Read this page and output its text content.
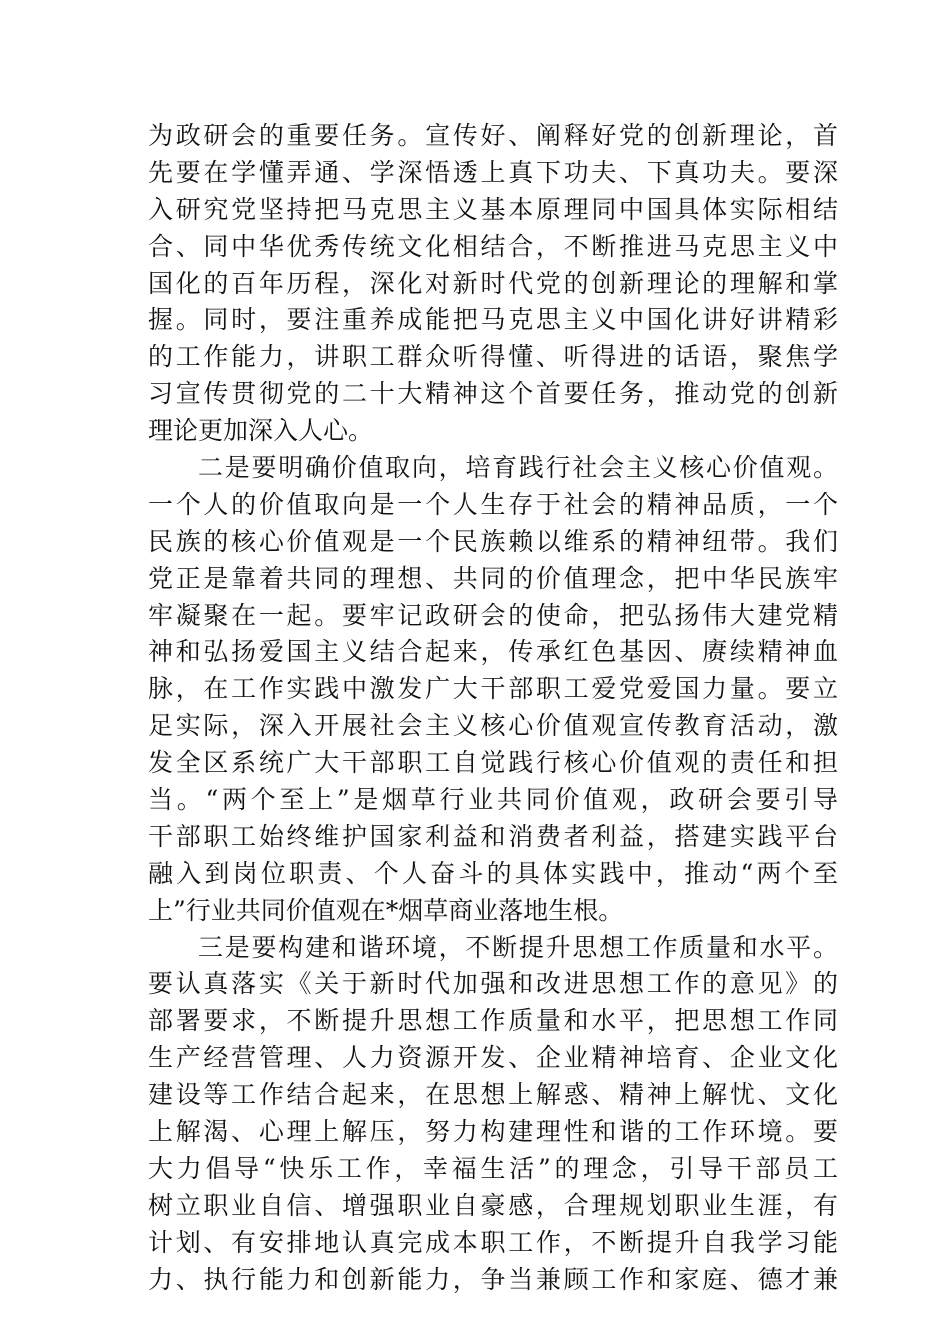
为政研会的重要任务。宣传好、阐释好党的创新理论，首
先要在学懂弄通、学深悟透上真下功夫、下真功夫。要深
入研究党坚持把马克思主义基本原理同中国具体实际相结
合、同中华优秀传统文化相结合，不断推进马克思主义中
国化的百年历程，深化对新时代党的创新理论的理解和掌
握。同时，要注重养成能把马克思主义中国化讲好讲精彩
的工作能力，讲职工群众听得懂、听得进的话语，聚焦学
习宣传贯彻党的二十大精神这个首要任务，推动党的创新
理论更加深入人心。
二是要明确价值取向，培育践行社会主义核心价值观。
一个人的价值取向是一个人生存于社会的精神品质，一个
民族的核心价值观是一个民族赖以维系的精神纽带。我们
党正是靠着共同的理想、共同的价值理念，把中华民族牢
牢凝聚在一起。要牢记政研会的使命，把弘扬伟大建党精
神和弘扬爱国主义结合起来，传承红色基因、赓续精神血
脉，在工作实践中激发广大干部职工爱党爱国力量。要立
足实际，深入开展社会主义核心价值观宣传教育活动，激
发全区系统广大干部职工自觉践行核心价值观的责任和担
当。“两个至上”是烟草行业共同价值观，政研会要引导
干部职工始终维护国家利益和消费者利益，搭建实践平台
融入到岗位职责、个人奋斗的具体实践中，推动“两个至
上”行业共同价值观在*烟草商业落地生根。
三是要构建和谐环境，不断提升思想工作质量和水平。
要认真落实《关于新时代加强和改进思想工作的意见》的
部署要求，不断提升思想工作质量和水平，把思想工作同
生产经营管理、人力资源开发、企业精神培育、企业文化
建设等工作结合起来，在思想上解惑、精神上解忧、文化
上解渴、心理上解压，努力构建理性和谐的工作环境。要
大力倡导“快乐工作，幸福生活”的理念，引导干部员工
树立职业自信、增强职业自豪感，合理规划职业生涯，有
计划、有安排地认真完成本职工作，不断提升自我学习能
力、执行能力和创新能力，争当兼顾工作和家庭、德才兼
